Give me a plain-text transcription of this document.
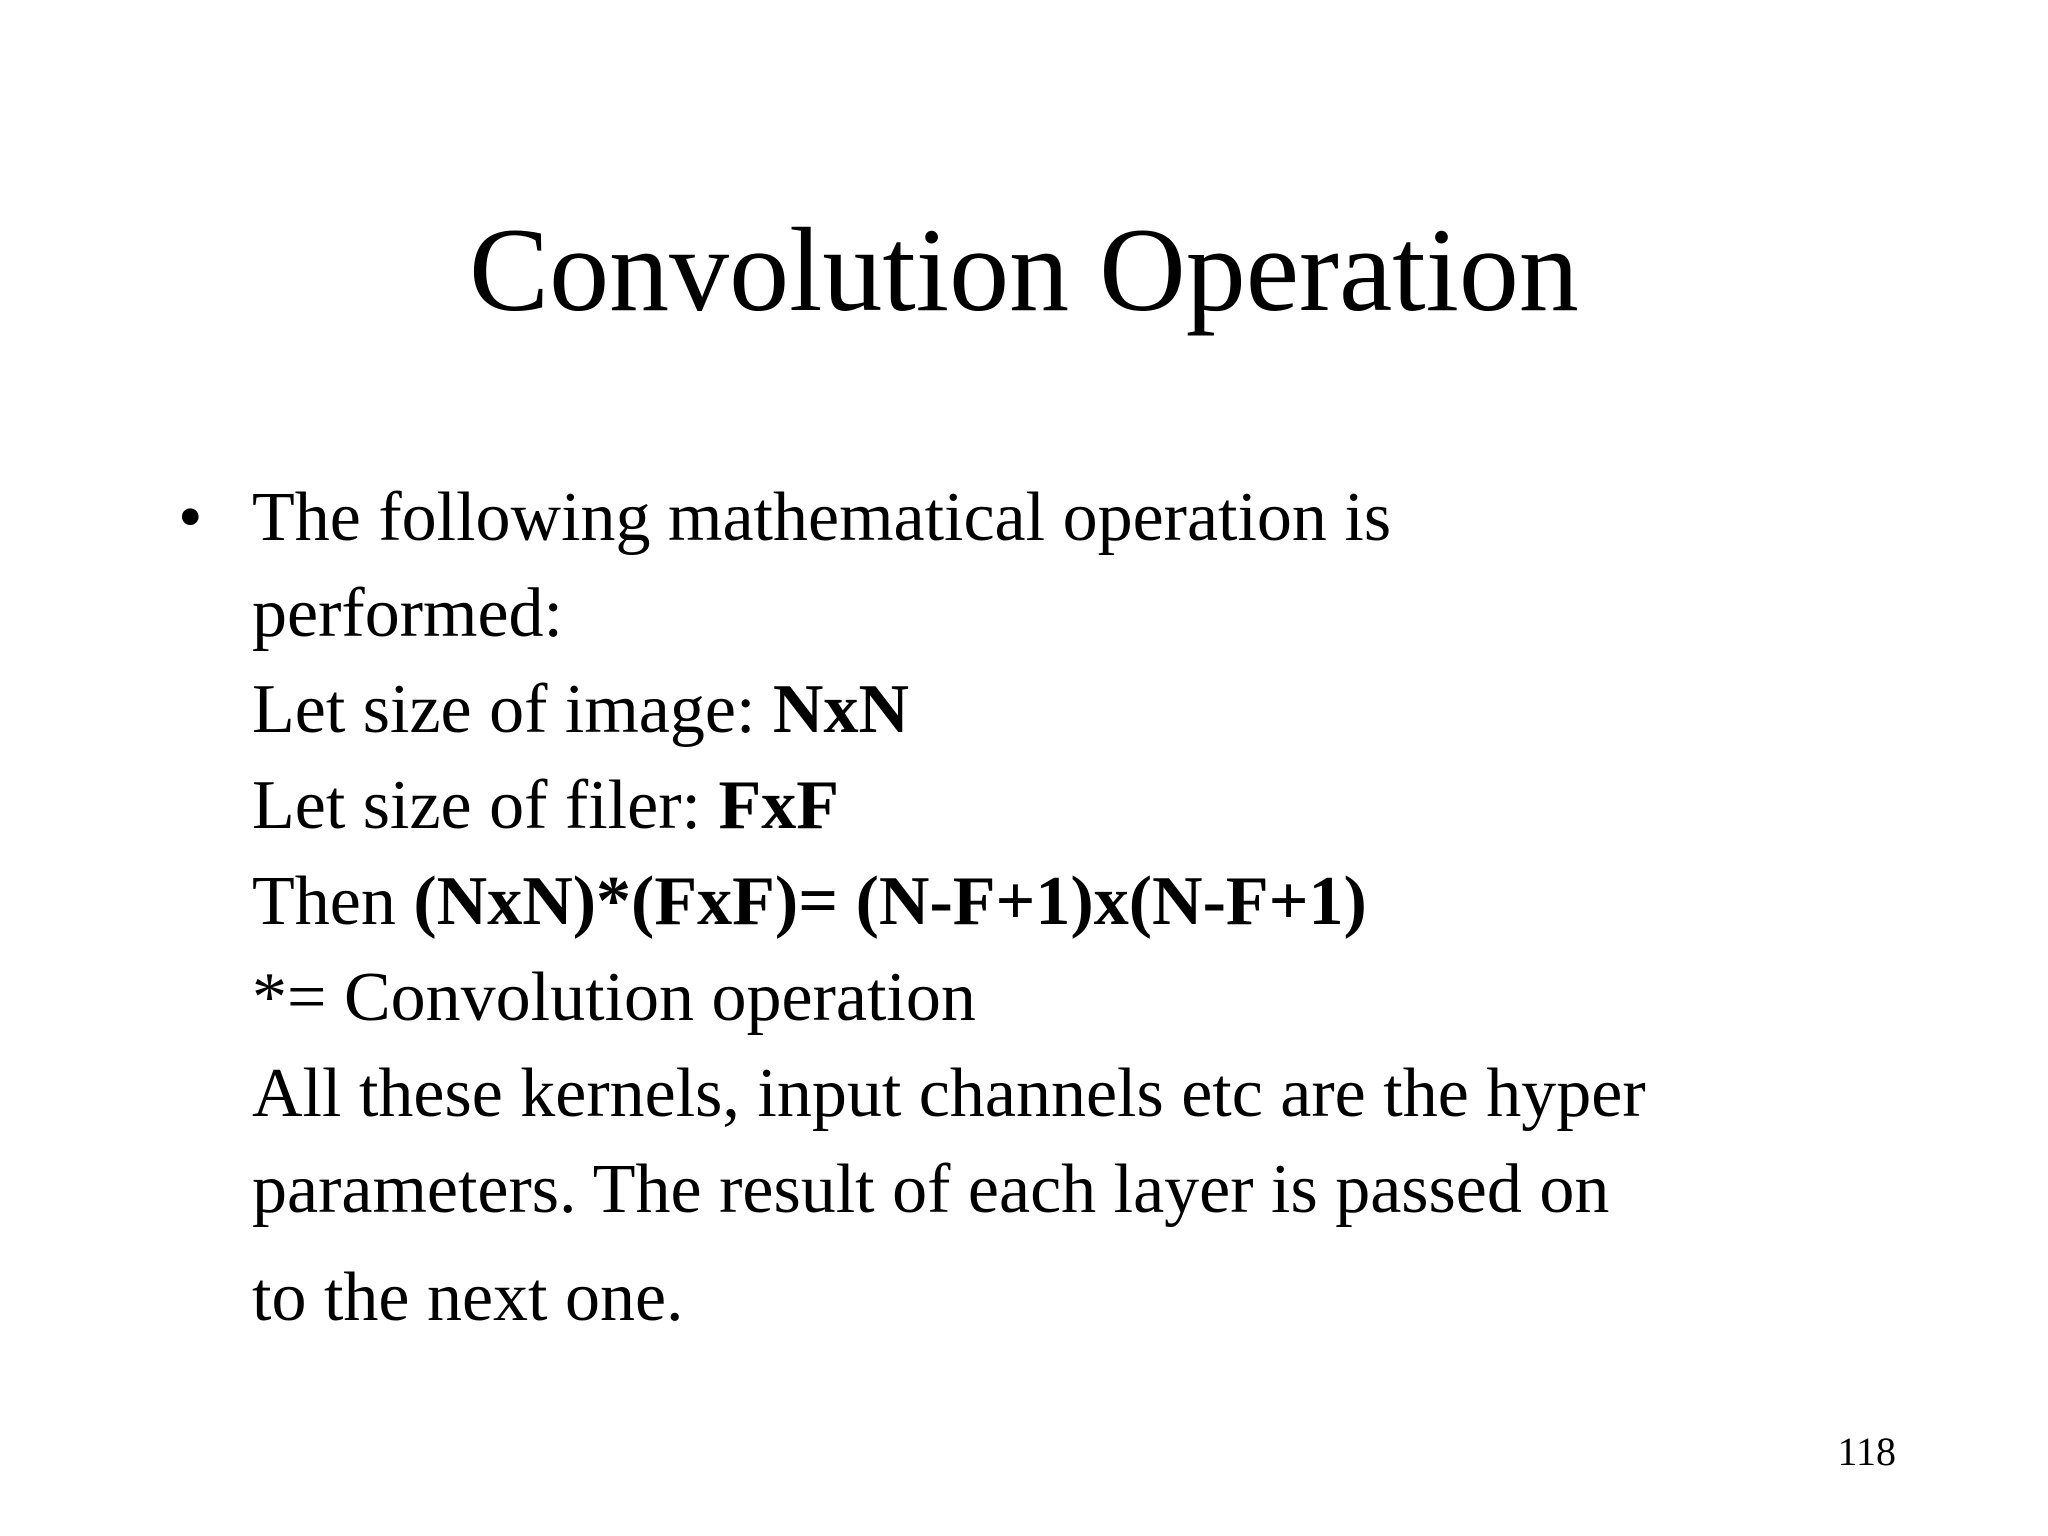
Convolution Operation
• The following mathematical operation is
performed:
Let size of image: NxN
Let size of filer: FxF
Then (NxN)*(FxF)= (N-F+1)x(N-F+1)
*= Convolution operation
All these kernels, input channels etc are the hyper
parameters. The result of each layer is passed on
to the next one.
118
